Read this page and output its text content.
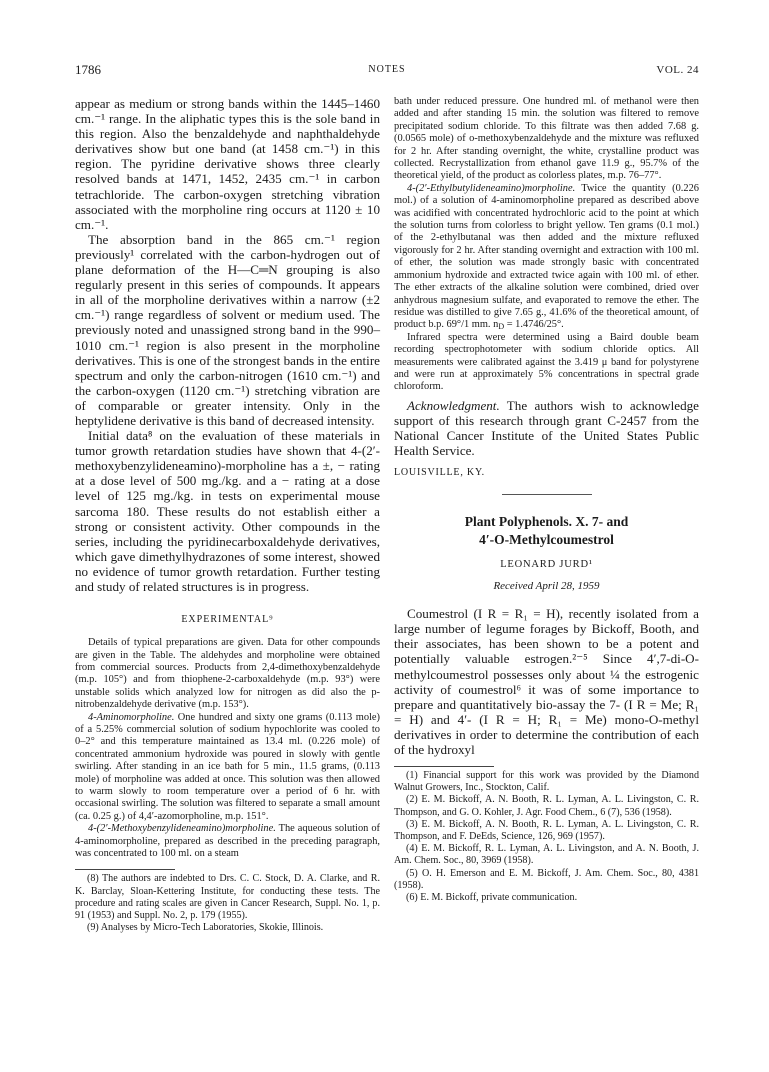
1786	NOTES	VOL. 24

appear as medium or strong bands within the 1445–1460 cm.⁻¹ range. In the aliphatic types this is the sole band in this region. Also the benzaldehyde and naphthaldehyde derivatives show but one band (at 1458 cm.⁻¹) in this region. The pyridine derivative shows three clearly resolved bands at 1471, 1452, 2435 cm.⁻¹ in carbon tetrachloride. The carbon-oxygen stretching vibration associated with the morpholine ring occurs at 1120 ± 10 cm.⁻¹.

The absorption band in the 865 cm.⁻¹ region previously¹ correlated with the carbon-hydrogen out of plane deformation of the H—C═N grouping is also regularly present in this series of compounds. It appears in all of the morpholine derivatives within a narrow (±2 cm.⁻¹) range regardless of solvent or medium used. The previously noted and unassigned strong band in the 990–1010 cm.⁻¹ region is also present in the morpholine derivatives. This is one of the strongest bands in the entire spectrum and only the carbon-nitrogen (1610 cm.⁻¹) and the carbon-oxygen (1120 cm.⁻¹) stretching vibration are of comparable or greater intensity. Only in the heptylidene derivative is this band of decreased intensity.

Initial data⁸ on the evaluation of these materials in tumor growth retardation studies have shown that 4-(2′-methoxybenzylideneamino)-morpholine has a ±, − rating at a dose level of 500 mg./kg. and a − rating at a dose level of 125 mg./kg. in tests on experimental mouse sarcoma 180. These results do not establish either a strong or consistent activity. Other compounds in the series, including the pyridinecarboxaldehyde derivatives, which gave dimethylhydrazones of some interest, showed no evidence of tumor growth retardation. Further testing and study of related structures is in progress.

EXPERIMENTAL⁹

Details of typical preparations are given. Data for other compounds are given in the Table. The aldehydes and morpholine were obtained from commercial sources. Products from 2,4-dimethoxybenzaldehyde (m.p. 105°) and from thiophene-2-carboxaldehyde (m.p. 93°) were unstable solids which analyzed low for nitrogen as did also the p-nitrobenzaldehyde derivative (m.p. 153°).

4-Aminomorpholine. One hundred and sixty one grams (0.113 mole) of a 5.25% commercial solution of sodium hypochlorite was cooled to 0–2° and this temperature maintained as 13.4 ml. (0.226 mole) of concentrated ammonium hydroxide was poured in slowly with gentle swirling. After standing in an ice bath for 5 min., 11.5 grams, (0.113 mole) of morpholine was added at once. This solution was then allowed to warm slowly to room temperature over a period of 6 hr. with occasional swirling. The solution was filtered to separate a small amount (ca. 0.25 g.) of 4,4′-azomorpholine, m.p. 151°.

4-(2′-Methoxybenzylideneamino)morpholine. The aqueous solution of 4-aminomorpholine, prepared as described in the preceding paragraph, was concentrated to 100 ml. on a steam

(8) The authors are indebted to Drs. C. C. Stock, D. A. Clarke, and R. K. Barclay, Sloan-Kettering Institute, for conducting these tests. The procedure and rating scales are given in Cancer Research, Suppl. No. 1, p. 91 (1953) and Suppl. No. 2, p. 179 (1955).

(9) Analyses by Micro-Tech Laboratories, Skokie, Illinois.

bath under reduced pressure. One hundred ml. of methanol were then added and after standing 15 min. the solution was filtered to remove precipitated sodium chloride. To this filtrate was then added 7.68 g. (0.0565 mole) of o-methoxybenzaldehyde and the mixture was refluxed for 2 hr. After standing overnight, the white, crystalline product was collected. Recrystallization from ethanol gave 11.9 g., 95.7% of the theoretical yield, of the product as colorless plates, m.p. 76–77°.

4-(2′-Ethylbutylideneamino)morpholine. Twice the quantity (0.226 mol.) of a solution of 4-aminomorpholine prepared as described above was acidified with concentrated hydrochloric acid to the point at which the solution turns from colorless to bright yellow. Ten grams (0.1 mol.) of the 2-ethylbutanal was then added and the mixture refluxed vigorously for 2 hr. After standing overnight and extraction with 100 ml. of ether, the solution was made strongly basic with concentrated ammonium hydroxide and extracted twice again with 100 ml. of ether. The ether extracts of the alkaline solution were combined, dried over anhydrous magnesium sulfate, and evaporated to remove the ether. The residue was distilled to give 7.65 g., 41.6% of the theoretical amount, of product b.p. 69°/1 mm. nD = 1.4746/25°.

Infrared spectra were determined using a Baird double beam recording spectrophotometer with sodium chloride optics. All measurements were calibrated against the 3.419 μ band for polystyrene and were run at approximately 5% concentrations in spectral grade chloroform.

Acknowledgment. The authors wish to acknowledge support of this research through grant C-2457 from the National Cancer Institute of the United States Public Health Service.

LOUISVILLE, KY.
Plant Polyphenols. X. 7- and
4′-O-Methylcoumestrol
LEONARD JURD¹
Received April 28, 1959

Coumestrol (I R = R₁ = H), recently isolated from a large number of legume forages by Bickoff, Booth, and their associates, has been shown to be a potent and potentially valuable estrogen.²⁻⁵ Since 4′,7-di-O-methylcoumestrol possesses only about ¼ the estrogenic activity of coumestrol⁶ it was of some importance to prepare and quantitatively bio-assay the 7- (I R = Me; R₁ = H) and 4′- (I R = H; R₁ = Me) mono-O-methyl derivatives in order to determine the contribution of each of the hydroxyl

(1) Financial support for this work was provided by the Diamond Walnut Growers, Inc., Stockton, Calif.

(2) E. M. Bickoff, A. N. Booth, R. L. Lyman, A. L. Livingston, C. R. Thompson, and G. O. Kohler, J. Agr. Food Chem., 6 (7), 536 (1958).

(3) E. M. Bickoff, A. N. Booth, R. L. Lyman, A. L. Livingston, C. R. Thompson, and F. DeEds, Science, 126, 969 (1957).

(4) E. M. Bickoff, R. L. Lyman, A. L. Livingston, and A. N. Booth, J. Am. Chem. Soc., 80, 3969 (1958).

(5) O. H. Emerson and E. M. Bickoff, J. Am. Chem. Soc., 80, 4381 (1958).

(6) E. M. Bickoff, private communication.
